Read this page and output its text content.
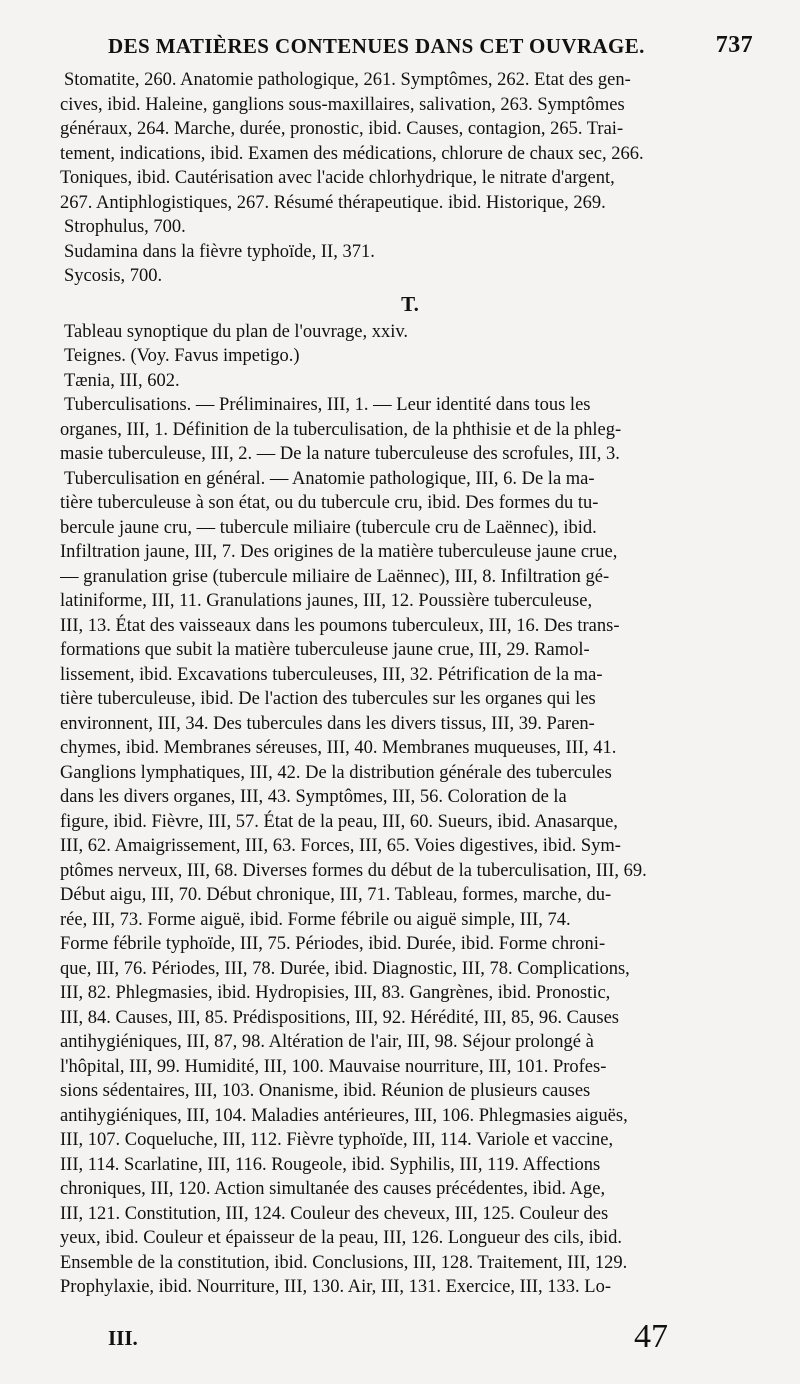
DES MATIÈRES CONTENUES DANS CET OUVRAGE.	737
Stomatite, 260. Anatomie pathologique, 261. Symptômes, 262. Etat des gen-
cives, ibid. Haleine, ganglions sous-maxillaires, salivation, 263. Symptômes
généraux, 264. Marche, durée, pronostic, ibid. Causes, contagion, 265. Trai-
tement, indications, ibid. Examen des médications, chlorure de chaux sec, 266.
Toniques, ibid. Cautérisation avec l'acide chlorhydrique, le nitrate d'argent,
267. Antiphlogistiques, 267. Résumé thérapeutique. ibid. Historique, 269.
Strophulus, 700.
Sudamina dans la fièvre typhoïde, II, 371.
Sycosis, 700.
T.
Tableau synoptique du plan de l'ouvrage, xxiv.
Teignes. (Voy. Favus impetigo.)
Tænia, III, 602.
Tuberculisations. — Préliminaires, III, 1. — Leur identité dans tous les
organes, III, 1. Définition de la tuberculisation, de la phthisie et de la phleg-
masie tuberculeuse, III, 2. — De la nature tuberculeuse des scrofules, III, 3.
Tuberculisation en général. — Anatomie pathologique, III, 6. De la ma-
tière tuberculeuse à son état, ou du tubercule cru, ibid. Des formes du tu-
bercule jaune cru, — tubercule miliaire (tubercule cru de Laënnec), ibid.
Infiltration jaune, III, 7. Des origines de la matière tuberculeuse jaune crue,
— granulation grise (tubercule miliaire de Laënnec), III, 8. Infiltration gé-
latiniforme, III, 11. Granulations jaunes, III, 12. Poussière tuberculeuse,
III, 13. État des vaisseaux dans les poumons tuberculeux, III, 16. Des trans-
formations que subit la matière tuberculeuse jaune crue, III, 29. Ramol-
lissement, ibid. Excavations tuberculeuses, III, 32. Pétrification de la ma-
tière tuberculeuse, ibid. De l'action des tubercules sur les organes qui les
environnent, III, 34. Des tubercules dans les divers tissus, III, 39. Paren-
chymes, ibid. Membranes séreuses, III, 40. Membranes muqueuses, III, 41.
Ganglions lymphatiques, III, 42. De la distribution générale des tubercules
dans les divers organes, III, 43. Symptômes, III, 56. Coloration de la
figure, ibid. Fièvre, III, 57. État de la peau, III, 60. Sueurs, ibid. Anasarque,
III, 62. Amaigrissement, III, 63. Forces, III, 65. Voies digestives, ibid. Sym-
ptômes nerveux, III, 68. Diverses formes du début de la tuberculisation, III, 69.
Début aigu, III, 70. Début chronique, III, 71. Tableau, formes, marche, du-
rée, III, 73. Forme aiguë, ibid. Forme fébrile ou aiguë simple, III, 74.
Forme fébrile typhoïde, III, 75. Périodes, ibid. Durée, ibid. Forme chroni-
que, III, 76. Périodes, III, 78. Durée, ibid. Diagnostic, III, 78. Complications,
III, 82. Phlegmasies, ibid. Hydropisies, III, 83. Gangrènes, ibid. Pronostic,
III, 84. Causes, III, 85. Prédispositions, III, 92. Hérédité, III, 85, 96. Causes
antihygiéniques, III, 87, 98. Altération de l'air, III, 98. Séjour prolongé à
l'hôpital, III, 99. Humidité, III, 100. Mauvaise nourriture, III, 101. Profes-
sions sédentaires, III, 103. Onanisme, ibid. Réunion de plusieurs causes
antihygiéniques, III, 104. Maladies antérieures, III, 106. Phlegmasies aiguës,
III, 107. Coqueluche, III, 112. Fièvre typhoïde, III, 114. Variole et vaccine,
III, 114. Scarlatine, III, 116. Rougeole, ibid. Syphilis, III, 119. Affections
chroniques, III, 120. Action simultanée des causes précédentes, ibid. Age,
III, 121. Constitution, III, 124. Couleur des cheveux, III, 125. Couleur des
yeux, ibid. Couleur et épaisseur de la peau, III, 126. Longueur des cils, ibid.
Ensemble de la constitution, ibid. Conclusions, III, 128. Traitement, III, 129.
Prophylaxie, ibid. Nourriture, III, 130. Air, III, 131. Exercice, III, 133. Lo-
III.	47
